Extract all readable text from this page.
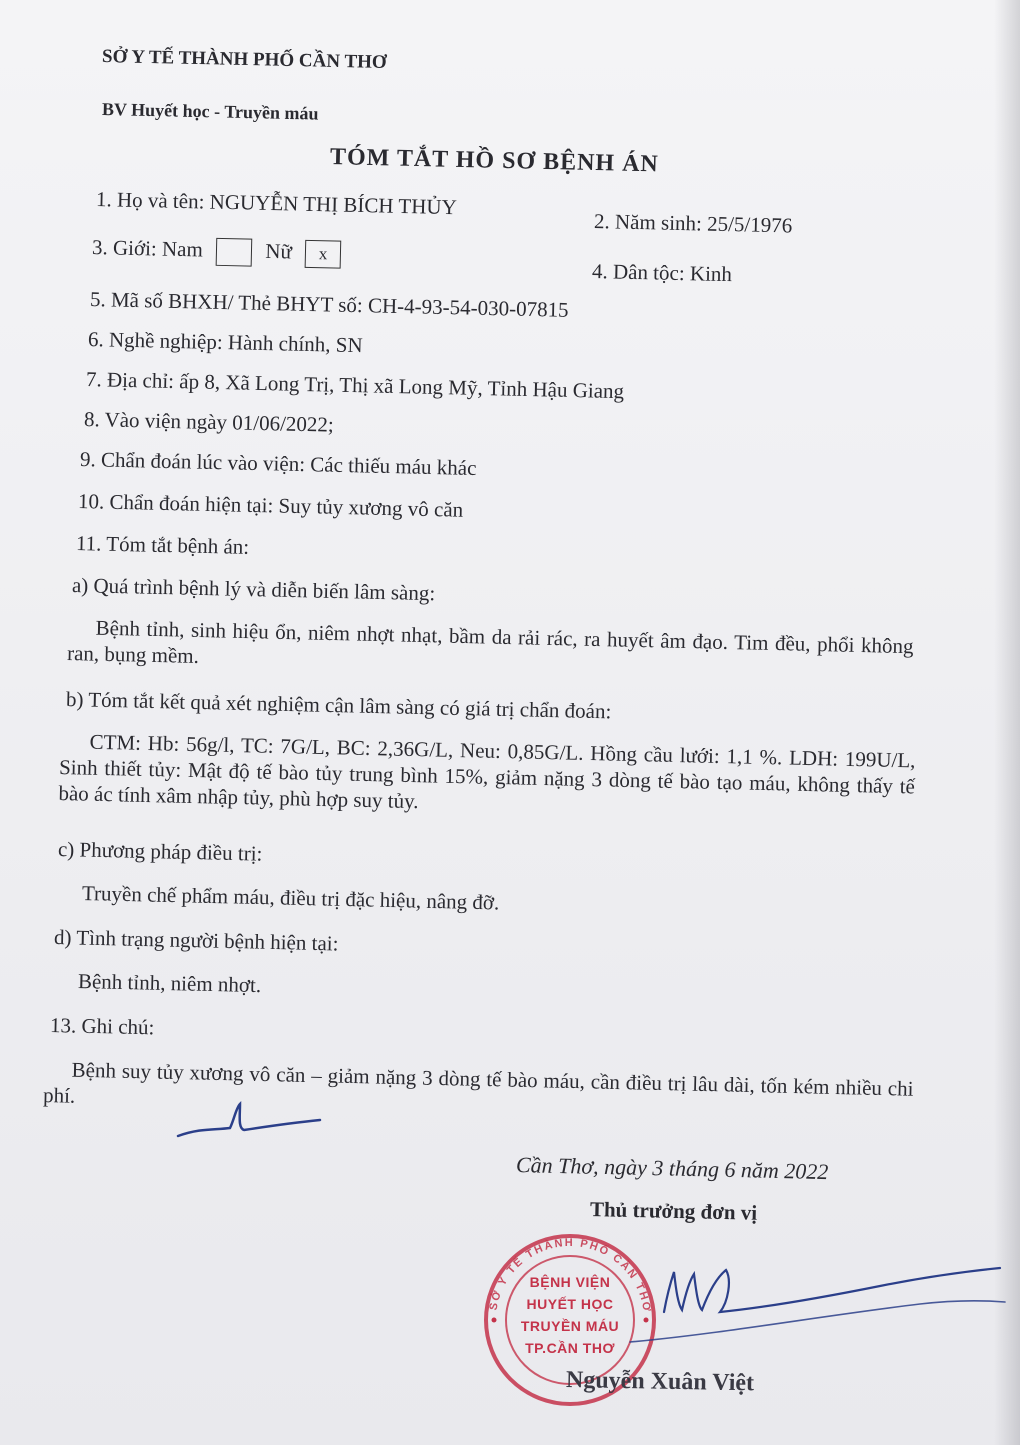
SỞ Y TẾ THÀNH PHỐ CẦN THƠ
BV Huyết học - Truyền máu
TÓM TẮT HỒ SƠ BỆNH ÁN
1. Họ và tên: NGUYỄN THỊ BÍCH THỦY
2. Năm sinh: 25/5/1976
3. Giới: Nam	Nữ x
4. Dân tộc: Kinh
5. Mã số BHXH/ Thẻ BHYT số: CH-4-93-54-030-07815
6. Nghề nghiệp: Hành chính, SN
7. Địa chỉ: ấp 8, Xã Long Trị, Thị xã Long Mỹ, Tỉnh Hậu Giang
8. Vào viện ngày 01/06/2022;
9. Chẩn đoán lúc vào viện: Các thiếu máu khác
10. Chẩn đoán hiện tại: Suy tủy xương vô căn
11. Tóm tắt bệnh án:
a) Quá trình bệnh lý và diễn biến lâm sàng:
Bệnh tỉnh, sinh hiệu ổn, niêm nhợt nhạt, bầm da rải rác, ra huyết âm đạo. Tim đều, phổi không ran, bụng mềm.
b) Tóm tắt kết quả xét nghiệm cận lâm sàng có giá trị chẩn đoán:
CTM: Hb: 56g/l, TC: 7G/L, BC: 2,36G/L, Neu: 0,85G/L. Hồng cầu lưới: 1,1 %. LDH: 199U/L, Sinh thiết tủy: Mật độ tế bào tủy trung bình 15%, giảm nặng 3 dòng tế bào tạo máu, không thấy tế bào ác tính xâm nhập tủy, phù hợp suy tủy.
c) Phương pháp điều trị:
Truyền chế phẩm máu, điều trị đặc hiệu, nâng đỡ.
d) Tình trạng người bệnh hiện tại:
Bệnh tỉnh, niêm nhợt.
13. Ghi chú:
Bệnh suy tủy xương vô căn – giảm nặng 3 dòng tế bào máu, cần điều trị lâu dài, tốn kém nhiều chi phí.
Cần Thơ, ngày 3 tháng 6 năm 2022
Thủ trưởng đơn vị
SỞ Y TẾ THÀNH PHỐ CẦN THƠ
BỆNH VIỆN
HUYẾT HỌC
TRUYỀN MÁU
TP.CẦN THƠ
Nguyễn Xuân Việt
